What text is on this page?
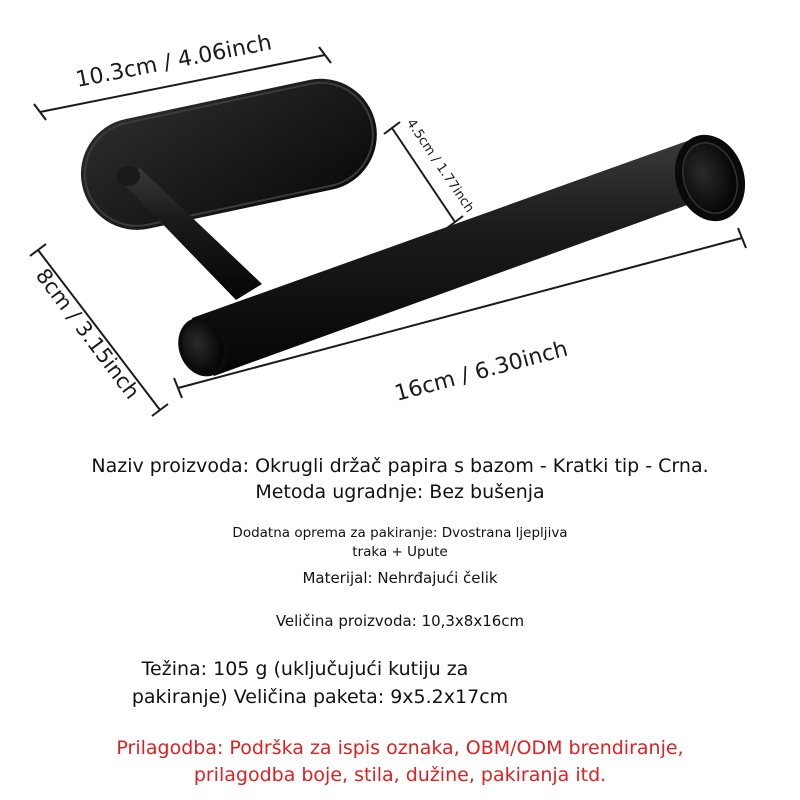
10.3cm / 4.06inch
4.5cm / 1.77inch
8cm / 3.15inch	16cm / 6.30inch

Naziv proizvoda: Okrugli držač papira s bazom - Kratki tip - Crna.

Metoda ugradnje: Bez bušenja

Dodatna oprema za pakiranje: Dvostrana ljepljiva

traka + Upute

Materijal: Nehrđajući čelik

Veličina proizvoda: 10,3x8x16cm

Težina: 105 g (uključujući kutiju za

pakiranje) Veličina paketa: 9x5.2x17cm

Prilagodba: Podrška za ispis oznaka, OBM/ODM brendiranje,

prilagodba boje, stila, dužine, pakiranja itd.
